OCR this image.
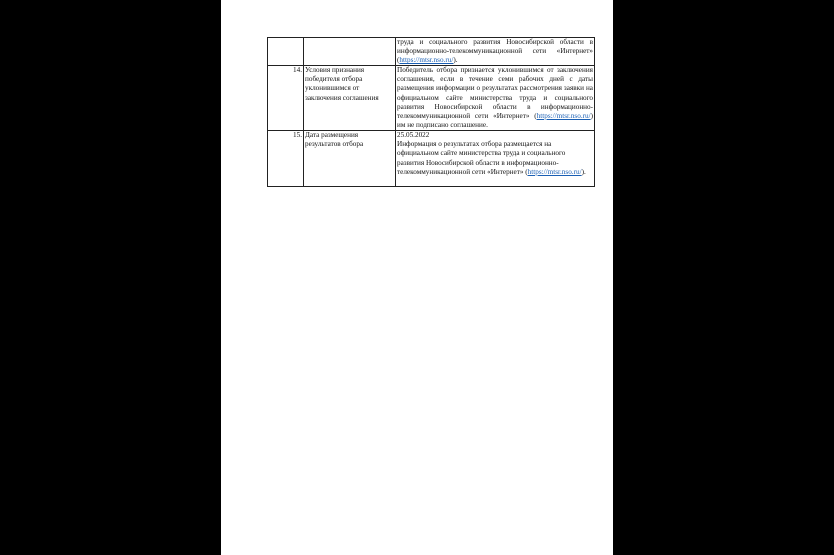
		труда и социального развития Новосибирской области в информационно-телекоммуникационной сети «Интернет» (https://mtsr.nso.ru/).
14.	Условия признания победителя отбора уклонившимся от заключения соглашения	Победитель отбора признается уклонившимся от заключения соглашения, если в течение семи рабочих дней с даты размещения информации о результатах рассмотрения заявки на официальном сайте министерства труда и социального развития Новосибирской области в информационно-телекоммуникационной сети «Интернет» (https://mtsr.nso.ru/) им не подписано соглашение.
15.	Дата размещения результатов отбора	25.05.2022
Информация о результатах отбора размещается на официальном сайте министерства труда и социального развития Новосибирской области в информационно-телекоммуникационной сети «Интернет» (https://mtsr.nso.ru/).
